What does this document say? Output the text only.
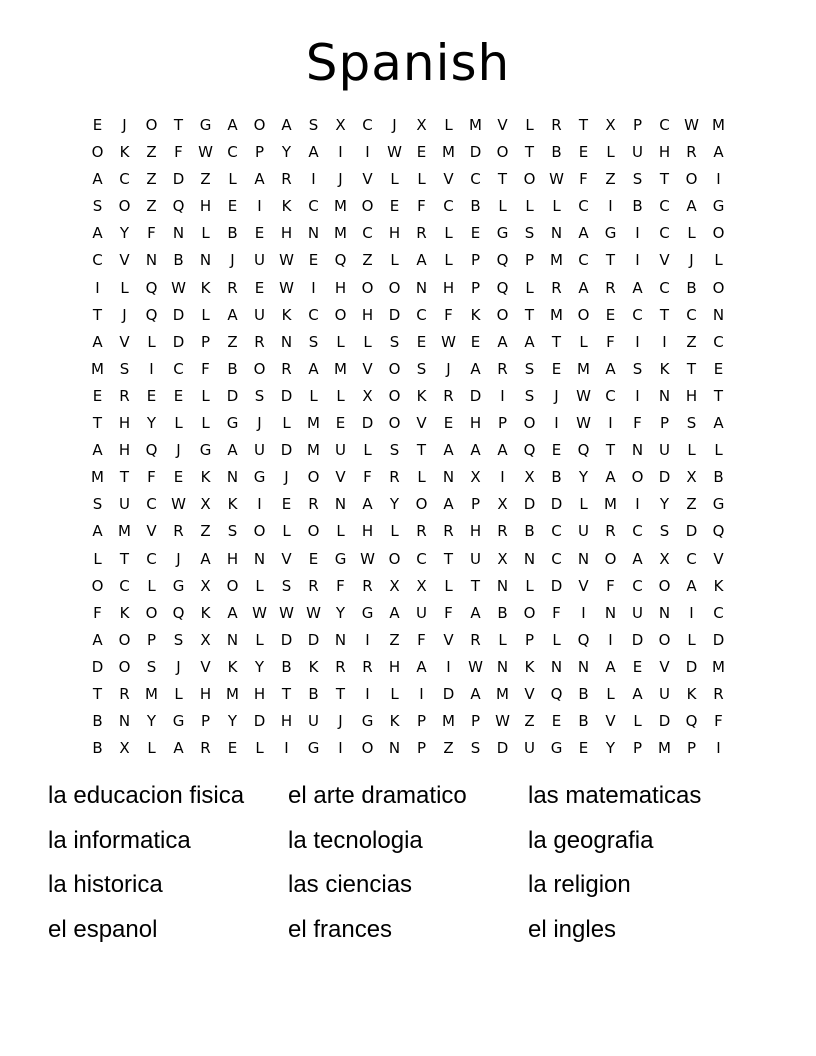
Spanish
E	J	O	T	G	A	O	A	S	X	C	J	X	L	M	V	L	R	T	X	P	C W M
O	K	Z	F	W C	P	Y	A	I	I	W E	M D	O	T	B	E	L	U	H	R	A
A	C	Z	D	Z	L	A	R	I	J	V	L	L	V	C	T	O W	F	Z	S	T	O	I
S	O	Z	Q	H	E	I	K	C	M O	E	F	C	B	L	L	L	C	I	B	C	A	G
A	Y	F	N	L	B	E	H	N M	C	H	R	L	E	G	S	N	A	G	I	C	L	O
C	V	N	B	N	J	U W E	Q	Z	L	A	L	P	Q	P	M	C	T	I	V	J	L
I	L	Q W K	R	E W	I	H	O	O	N	H	P	Q	L	R	A	R	A	C	B	O
T	J	Q	D	L	A	U	K	C	O	H	D	C	F	K	O	T	M O	E	C	T	C	N
A	V	L	D	P	Z	R	N	S	L	L	S	E W E	A	A	T	L	F	I	I	Z	C
M	S	I	C	F	B	O	R	A	M	V	O	S	J	A	R	S	E	M	A	S	K	T	E
E	R	E	E	L	D	S	D	L	L	X	O	K	R	D	I	S	J	W C	I	N	H	T
T	H	Y	L	L	G	J	L	M	E	D	O	V	E	H	P	O	I	W	I	F	P	S	A
A	H	Q	J	G	A	U	D M	U	L	S	T	A	A	A	Q	E	Q	T	N	U	L	L
M	T	F	E	K	N	G	J	O	V	F	R	L	N	X	I	X	B	Y	A	O	D	X	B
S	U	C W X	K	I	E	R	N	A	Y	O	A	P	X	D	D	L	M	I	Y	Z	G
A	M	V	R	Z	S	O	L	O	L	H	L	R	R	H	R	B	C	U	R	C	S	D	Q
L	T	C	J	A	H	N	V	E	G W O	C	T	U	X	N	C	N	O	A	X	C	V
O	C	L	G	X	O	L	S	R	F	R	X	X	L	T	N	L	D	V	F	C	O	A	K
F	K	O	Q	K	A W W W Y	G	A	U	F	A	B	O	F	I	N	U	N	I	C
A	O	P	S	X	N	L	D	D	N	I	Z	F	V	R	L	P	L	Q	I	D	O	L	D
D	O	S	J	V	K	Y	B	K	R	R	H	A	I	W N	K	N	N	A	E	V	D M
T	R	M	L	H M H	T	B	T	I	L	I	D	A	M	V	Q	B	L	A	U	K	R
B	N	Y	G	P	Y	D	H	U	J	G	K	P	M	P	W Z	E	B	V	L	D	Q	F
B	X	L	A	R	E	L	I	G	I	O	N	P	Z	S	D	U	G	E	Y	P	M	P	I
la educacion fisica	el arte dramatico	las matematicas
la informatica	la tecnologia	la geografia
la historica	las ciencias	la religion
el espanol	el frances	el ingles
